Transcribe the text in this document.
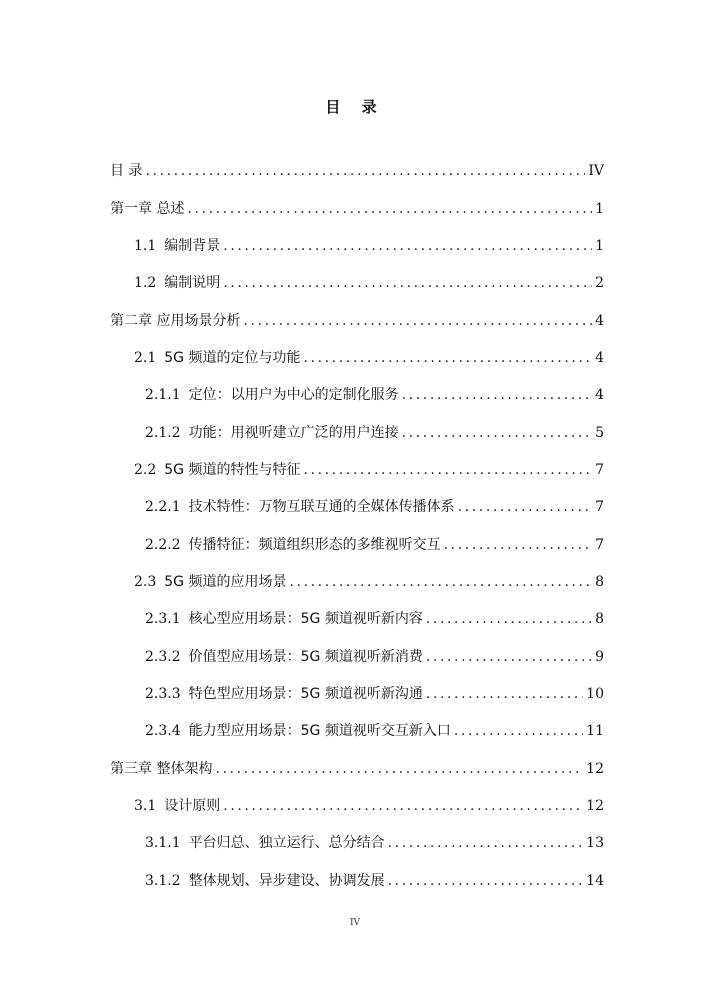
目 录
目 录 .....	IV
第一章 总述 .....	1
1.1 编制背景 .....	1
1.2 编制说明 .....	2
第二章 应用场景分析 .....	4
2.1 5G 频道的定位与功能 .....	4
2.1.1 定位：以用户为中心的定制化服务 .....	4
2.1.2 功能：用视听建立广泛的用户连接 .....	5
2.2 5G 频道的特性与特征 .....	7
2.2.1 技术特性：万物互联互通的全媒体传播体系 .....	7
2.2.2 传播特征：频道组织形态的多维视听交互 .....	7
2.3 5G 频道的应用场景 .....	8
2.3.1 核心型应用场景：5G 频道视听新内容 .....	8
2.3.2 价值型应用场景：5G 频道视听新消费 .....	9
2.3.3 特色型应用场景：5G 频道视听新沟通 .....	10
2.3.4 能力型应用场景：5G 频道视听交互新入口 .....	11
第三章 整体架构 .....	12
3.1 设计原则 .....	12
3.1.1 平台归总、独立运行、总分结合 .....	13
3.1.2 整体规划、异步建设、协调发展 .....	14
IV
